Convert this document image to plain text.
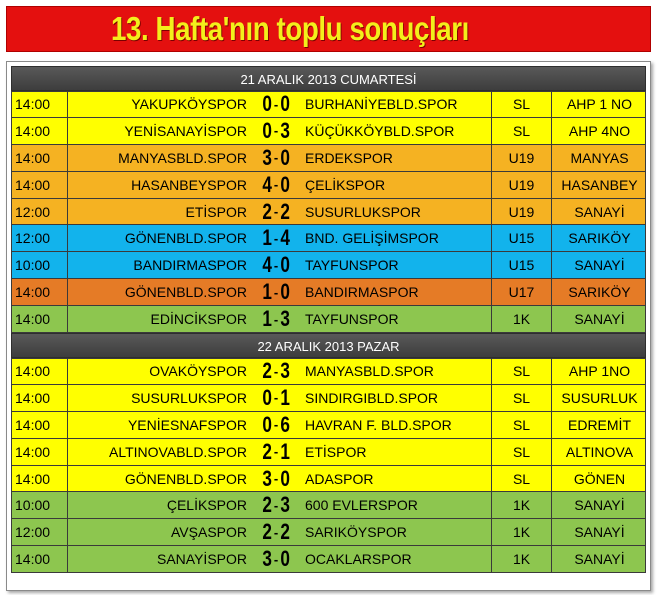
13. Hafta'nın toplu sonuçları
21 ARALIK 2013 CUMARTESİ
14:00	YAKUPKÖYSPOR 0 - 0 BURHANİYEBLD.SPOR	SL	AHP 1 NO
14:00	YENİSANAYİSPOR 0 - 3 KÜÇÜKKÖYBLD.SPOR	SL	AHP 4NO
14:00	MANYASBLD.SPOR 3 - 0 ERDEKSPOR	U19	MANYAS
14:00	HASANBEYSPOR 4 - 0 ÇELİKSPOR	U19	HASANBEY
12:00	ETİSPOR 2 - 2 SUSURLUKSPOR	U19	SANAYİ
12:00	GÖNENBLD.SPOR 1 - 4 BND. GELİŞİMSPOR	U15	SARIKÖY
10:00	BANDIRMASPOR 4 - 0 TAYFUNSPOR	U15	SANAYİ
14:00	GÖNENBLD.SPOR 1 - 0 BANDIRMASPOR	U17	SARIKÖY
14:00	EDİNCİKSPOR 1 - 3 TAYFUNSPOR	1K	SANAYİ
22 ARALIK 2013 PAZAR
14:00	OVAKÖYSPOR 2 - 3 MANYASBLD.SPOR	SL	AHP 1NO
14:00	SUSURLUKSPOR 0 - 1 SINDIRGIBLD.SPOR	SL	SUSURLUK
14:00	YENİESNAFSPOR 0 - 6 HAVRAN F. BLD.SPOR	SL	EDREMİT
14:00	ALTINOVABLD.SPOR 2 - 1 ETİSPOR	SL	ALTINOVA
14:00	GÖNENBLD.SPOR 3 - 0 ADASPOR	SL	GÖNEN
10:00	ÇELİKSPOR 2 - 3 600 EVLERSPOR	1K	SANAYİ
12:00	AVŞASPOR 2 - 2 SARIKÖYSPOR	1K	SANAYİ
14:00	SANAYİSPOR 3 - 0 OCAKLARSPOR	1K	SANAYİ
